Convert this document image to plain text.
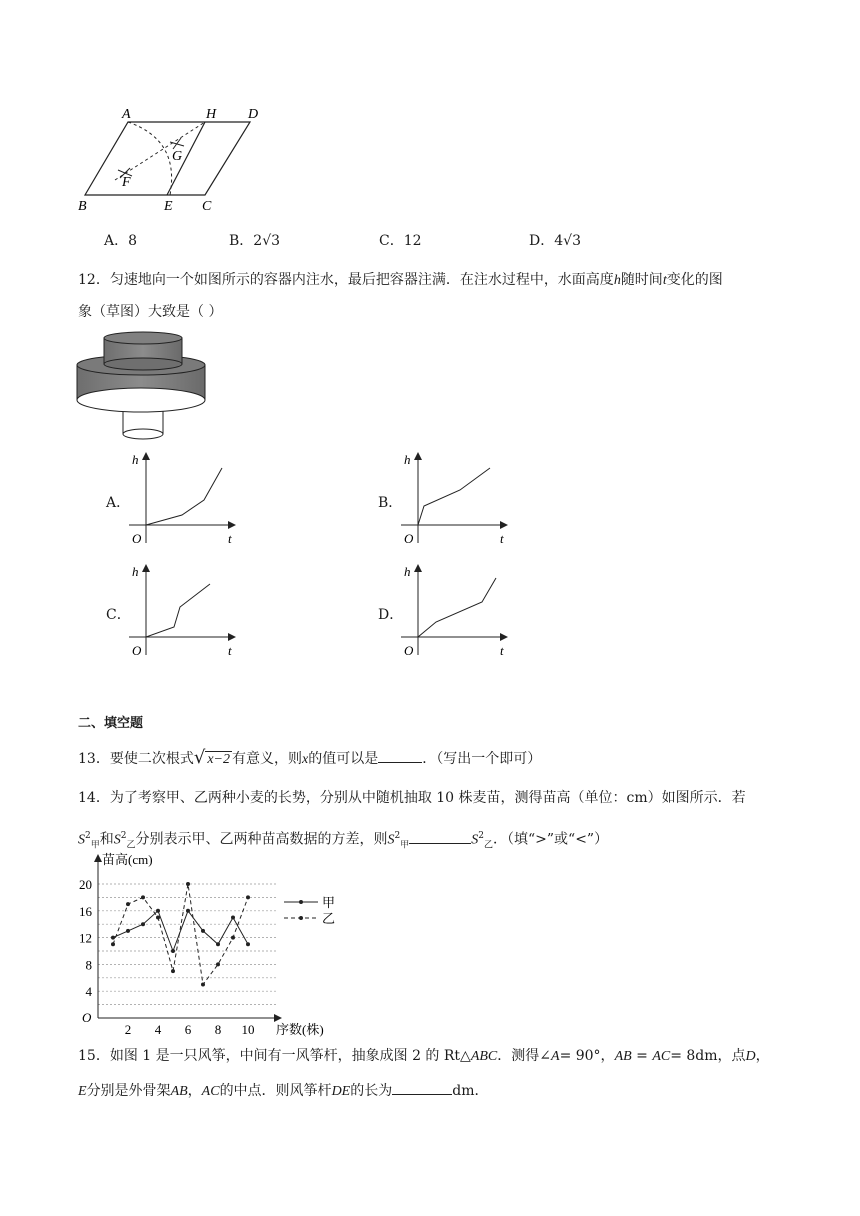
A	H D
G
F
B	E C
A．8	B．2√3	C．12	D．4√3
12．匀速地向一个如图所示的容器内注水，最后把容器注满．在注水过程中，水面高度h随时间t变化的图
象（草图）大致是（ ）
A．
h
O	t
B．
h
O	t
C．
h
O	t
D．
h
O	t
二、填空题
13．要使二次根式√ x−2 有意义，则x的值可以是	．（写出一个即可）
14．为了考察甲、乙两种小麦的长势，分别从中随机抽取 10 株麦苗，测得苗高（单位：cm）如图所示．若
$S^2_甲$和$S^2_乙$分别表示甲、乙两种苗高数据的方差，则$S^2_甲$	$S^2_乙$．（填“>”或“<”）
苗高(cm)
序数(株)
O
4
8
12
16
20
2 4 6 8 10
甲
乙
15．如图 1 是一只风筝，中间有一风筝杆，抽象成图 2 的 Rt△ABC．测得∠A= 90°，AB = AC= 8dm，点D，
E分别是外骨架AB，AC的中点．则风筝杆DE的长为	dm．
